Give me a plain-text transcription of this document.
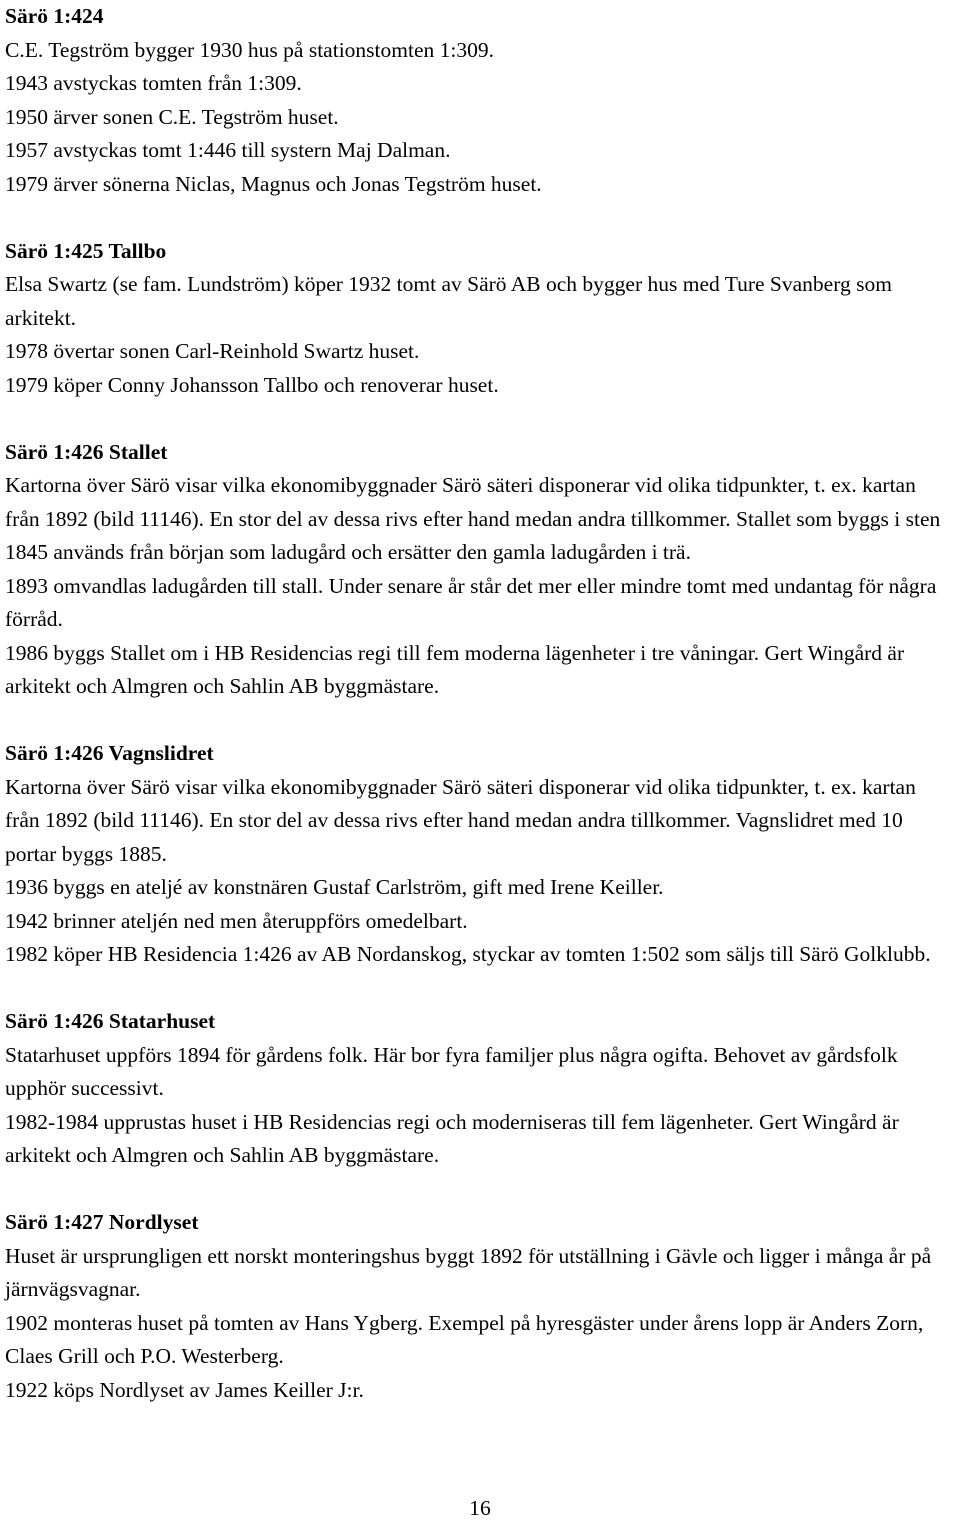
Särö 1:424
C.E. Tegström bygger 1930 hus på stationstomten 1:309.
1943 avstyckas tomten från 1:309.
1950 ärver sonen C.E. Tegström huset.
1957 avstyckas tomt 1:446 till systern Maj Dalman.
1979 ärver sönerna Niclas, Magnus och Jonas Tegström huset.
Särö 1:425 Tallbo
Elsa Swartz (se fam. Lundström) köper 1932 tomt av Särö AB och bygger hus med Ture Svanberg som arkitekt.
1978 övertar sonen Carl-Reinhold Swartz huset.
1979 köper Conny Johansson Tallbo och renoverar huset.
Särö 1:426 Stallet
Kartorna över Särö visar vilka ekonomibyggnader Särö säteri disponerar vid olika tidpunkter, t. ex. kartan från 1892 (bild 11146). En stor del av dessa rivs efter hand medan andra tillkommer. Stallet som byggs i sten 1845 används från början som ladugård och ersätter den gamla ladugården i trä.
1893 omvandlas ladugården till stall. Under senare år står det mer eller mindre tomt med undantag för några förråd.
1986 byggs Stallet om i HB Residencias regi till fem moderna lägenheter i tre våningar. Gert Wingård är arkitekt och Almgren och Sahlin AB byggmästare.
Särö 1:426 Vagnslidret
Kartorna över Särö visar vilka ekonomibyggnader Särö säteri disponerar vid olika tidpunkter, t. ex. kartan från 1892 (bild 11146). En stor del av dessa rivs efter hand medan andra tillkommer. Vagnslidret med 10 portar byggs 1885.
1936 byggs en ateljé av konstnären Gustaf Carlström, gift med Irene Keiller.
1942 brinner ateljén ned men återuppförs omedelbart.
1982 köper HB Residencia 1:426 av AB Nordanskog, styckar av tomten 1:502 som säljs till Särö Golklubb.
Särö 1:426 Statarhuset
Statarhuset uppförs 1894 för gårdens folk. Här bor fyra familjer plus några ogifta. Behovet av gårdsfolk upphör successivt.
1982-1984 upprustas huset i HB Residencias regi och moderniseras till fem lägenheter. Gert Wingård är arkitekt och Almgren och Sahlin AB byggmästare.
Särö 1:427 Nordlyset
Huset är ursprungligen ett norskt monteringshus byggt 1892 för utställning i Gävle och ligger i många år på järnvägsvagnar.
1902 monteras huset på tomten av Hans Ygberg. Exempel på hyresgäster under årens lopp är Anders Zorn, Claes Grill och P.O. Westerberg.
1922 köps Nordlyset av James Keiller J:r.
16
